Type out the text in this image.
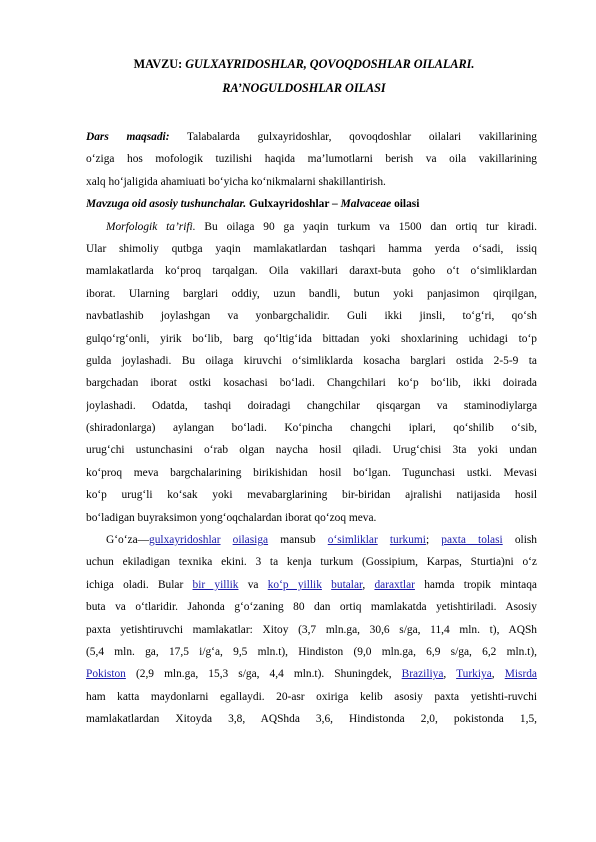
MAVZU: GULXAYRIDOSHLAR, QOVOQDOSHLAR OILALARI.
RA’NOGULDOSHLAR OILASI
Dars maqsadi: Talabalarda gulxayridoshlar, qovoqdoshlar oilalari vakillarining
o‘ziga hos mofologik tuzilishi haqida ma’lumotlarni berish va oila vakillarining
xalq ho‘jaligida ahamiuati bo‘yicha ko‘nikmalarni shakillantirish.
Mavzuga oid asosiy tushunchalar. Gulxayridoshlar – Malvaceae oilasi
Morfologik ta’rifi. Bu oilaga 90 ga yaqin turkum va 1500 dan ortiq tur kiradi.
Ular shimoliy qutbga yaqin mamlakatlardan tashqari hamma yerda o‘sadi, issiq
mamlakatlarda ko‘proq tarqalgan. Oila vakillari daraxt-buta goho o‘t o‘simliklardan
iborat. Ularning barglari oddiy, uzun bandli, butun yoki panjasimon qirqilgan,
navbatlashib joylashgan va yonbargchalidir. Guli ikki jinsli, to‘g‘ri, qo‘sh
gulqo‘rg‘onli, yirik bo‘lib, barg qo‘ltig‘ida bittadan yoki shoxlarining uchidagi to‘p
gulda joylashadi. Bu oilaga kiruvchi o‘simliklarda kosacha barglari ostida 2-5-9 ta
bargchadan iborat ostki kosachasi bo‘ladi. Changchilari ko‘p bo‘lib, ikki doirada
joylashadi. Odatda, tashqi doiradagi changchilar qisqargan va staminodiylarga
(shiradonlarga) aylangan bo‘ladi. Ko‘pincha changchi iplari, qo‘shilib o‘sib,
urug‘chi ustunchasini o‘rab olgan naycha hosil qiladi. Urug‘chisi 3ta yoki undan
ko‘proq meva bargchalarining birikishidan hosil bo‘lgan. Tugunchasi ustki. Mevasi
ko‘p urug‘li ko‘sak yoki mevabarglarining bir-biridan ajralishi natijasida hosil
bo‘ladigan buyraksimon yong‘oqchalardan iborat qo‘zoq meva.
G‘o‘za—gulxayridoshlar oilasiga mansub o‘simliklar turkumi; paxta tolasi olish
uchun ekiladigan texnika ekini. 3 ta kenja turkum (Gossipium, Karpas, Sturtia)ni o‘z
ichiga oladi. Bular bir yillik va ko‘p yillik butalar, daraxtlar hamda tropik mintaqa
buta va o‘tlaridir. Jahonda g‘o‘zaning 80 dan ortiq mamlakatda yetishtiriladi. Asosiy
paxta yetishtiruvchi mamlakatlar: Xitoy (3,7 mln.ga, 30,6 s/ga, 11,4 mln. t), AQSh
(5,4 mln. ga, 17,5 i/g‘a, 9,5 mln.t), Hindiston (9,0 mln.ga, 6,9 s/ga, 6,2 mln.t),
Pokiston (2,9 mln.ga, 15,3 s/ga, 4,4 mln.t). Shuningdek, Braziliya, Turkiya, Misrda
ham katta maydonlarni egallaydi. 20-asr oxiriga kelib asosiy paxta yetishti-ruvchi
mamlakatlardan Xitoyda 3,8, AQShda 3,6, Hindistonda 2,0, pokistonda 1,5,
